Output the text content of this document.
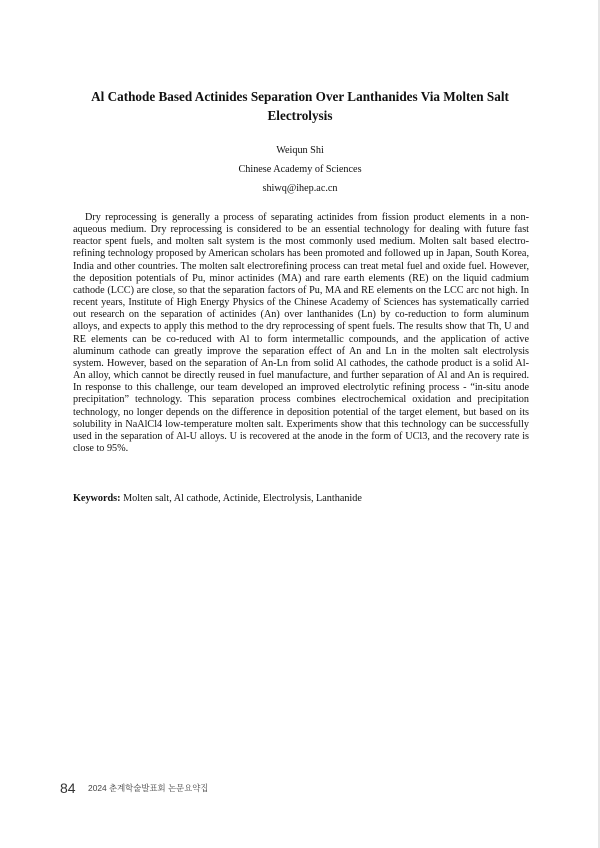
Al Cathode Based Actinides Separation Over Lanthanides Via Molten Salt Electrolysis
Weiqun Shi
Chinese Academy of Sciences
shiwq@ihep.ac.cn

Dry reprocessing is generally a process of separating actinides from fission product elements in a non-aqueous medium. Dry reprocessing is considered to be an essential technology for dealing with future fast reactor spent fuels, and molten salt system is the most commonly used medium. Molten salt based electro-refining technology proposed by American scholars has been promoted and followed up in Japan, South Korea, India and other countries. The molten salt electrorefining process can treat metal fuel and oxide fuel. However, the deposition potentials of Pu, minor actinides (MA) and rare earth elements (RE) on the liquid cadmium cathode (LCC) are close, so that the separation factors of Pu, MA and RE elements on the LCC arc not high. In recent years, Institute of High Energy Physics of the Chinese Academy of Sciences has systematically carried out research on the separation of actinides (An) over lanthanides (Ln) by co-reduction to form aluminum alloys, and expects to apply this method to the dry reprocessing of spent fuels. The results show that Th, U and RE elements can be co-reduced with Al to form intermetallic compounds, and the application of active aluminum cathode can greatly improve the separation effect of An and Ln in the molten salt electrolysis system. However, based on the separation of An-Ln from solid Al cathodes, the cathode product is a solid Al-An alloy, which cannot be directly reused in fuel manufacture, and further separation of Al and An is required. In response to this challenge, our team developed an improved electrolytic refining process - “in-situ anode precipitation” technology. This separation process combines electrochemical oxidation and precipitation technology, no longer depends on the difference in deposition potential of the target element, but based on its solubility in NaAlCl4 low-temperature molten salt. Experiments show that this technology can be successfully used in the separation of Al-U alloys. U is recovered at the anode in the form of UCl3, and the recovery rate is close to 95%.

Keywords: Molten salt, Al cathode, Actinide, Electrolysis, Lanthanide

84 2024 춘계학술발표회 논문요약집
